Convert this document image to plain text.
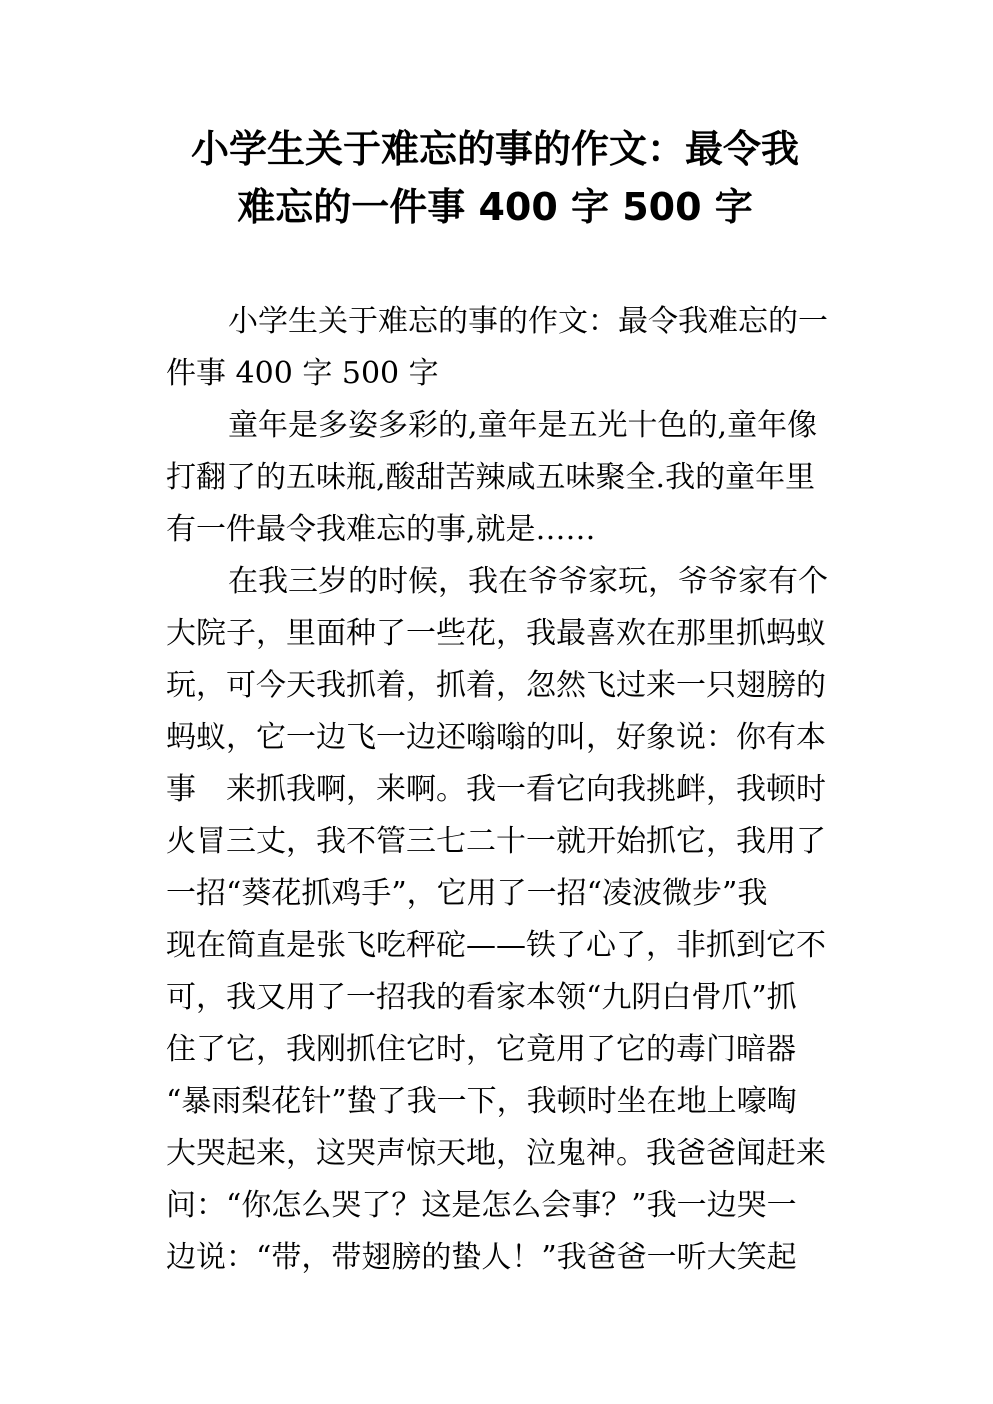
小学生关于难忘的事的作文：最令我
难忘的一件事 400 字 500 字
小学生关于难忘的事的作文：最令我难忘的一
件事 400 字 500 字
童年是多姿多彩的,童年是五光十色的,童年像
打翻了的五味瓶,酸甜苦辣咸五味聚全.我的童年里
有一件最令我难忘的事,就是……
在我三岁的时候，我在爷爷家玩，爷爷家有个
大院子，里面种了一些花，我最喜欢在那里抓蚂蚁
玩，可今天我抓着，抓着，忽然飞过来一只翅膀的
蚂蚁，它一边飞一边还嗡嗡的叫，好象说：你有本
事　来抓我啊，来啊。我一看它向我挑衅，我顿时
火冒三丈，我不管三七二十一就开始抓它，我用了
一招“葵花抓鸡手”，它用了一招“凌波微步”我
现在简直是张飞吃秤砣——铁了心了，非抓到它不
可，我又用了一招我的看家本领“九阴白骨爪”抓
住了它，我刚抓住它时，它竟用了它的毒门暗器
“暴雨梨花针”蛰了我一下，我顿时坐在地上嚎啕
大哭起来，这哭声惊天地，泣鬼神。我爸爸闻赶来
问：“你怎么哭了？这是怎么会事？”我一边哭一
边说：“带，带翅膀的蛰人！”我爸爸一听大笑起
